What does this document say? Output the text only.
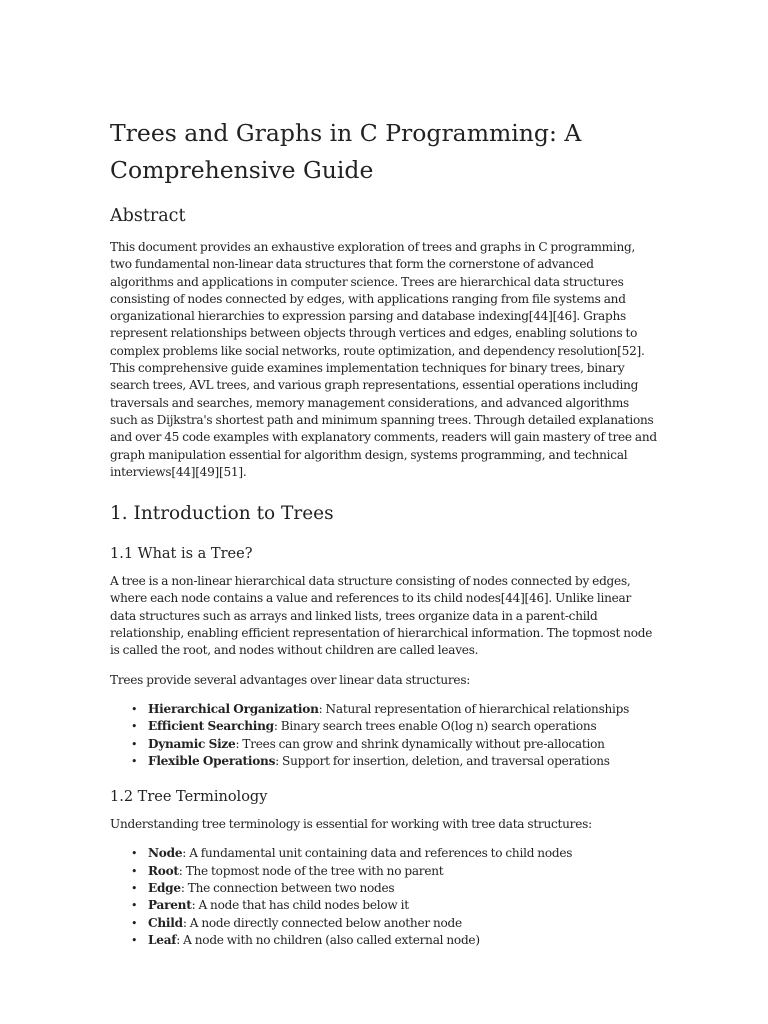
Trees and Graphs in C Programming: A Comprehensive Guide
Abstract

This document provides an exhaustive exploration of trees and graphs in C programming, two fundamental non-linear data structures that form the cornerstone of advanced algorithms and applications in computer science. Trees are hierarchical data structures consisting of nodes connected by edges, with applications ranging from file systems and organizational hierarchies to expression parsing and database indexing[44][46]. Graphs represent relationships between objects through vertices and edges, enabling solutions to complex problems like social networks, route optimization, and dependency resolution[52]. This comprehensive guide examines implementation techniques for binary trees, binary search trees, AVL trees, and various graph representations, essential operations including traversals and searches, memory management considerations, and advanced algorithms such as Dijkstra's shortest path and minimum spanning trees. Through detailed explanations and over 45 code examples with explanatory comments, readers will gain mastery of tree and graph manipulation essential for algorithm design, systems programming, and technical interviews[44][49][51].

1. Introduction to Trees
1.1 What is a Tree?

A tree is a non-linear hierarchical data structure consisting of nodes connected by edges, where each node contains a value and references to its child nodes[44][46]. Unlike linear data structures such as arrays and linked lists, trees organize data in a parent-child relationship, enabling efficient representation of hierarchical information. The topmost node is called the root, and nodes without children are called leaves.

Trees provide several advantages over linear data structures:

• Hierarchical Organization: Natural representation of hierarchical relationships
• Efficient Searching: Binary search trees enable O(log n) search operations
• Dynamic Size: Trees can grow and shrink dynamically without pre-allocation
• Flexible Operations: Support for insertion, deletion, and traversal operations
1.2 Tree Terminology

Understanding tree terminology is essential for working with tree data structures:

• Node: A fundamental unit containing data and references to child nodes
• Root: The topmost node of the tree with no parent
• Edge: The connection between two nodes
• Parent: A node that has child nodes below it
• Child: A node directly connected below another node
• Leaf: A node with no children (also called external node)
